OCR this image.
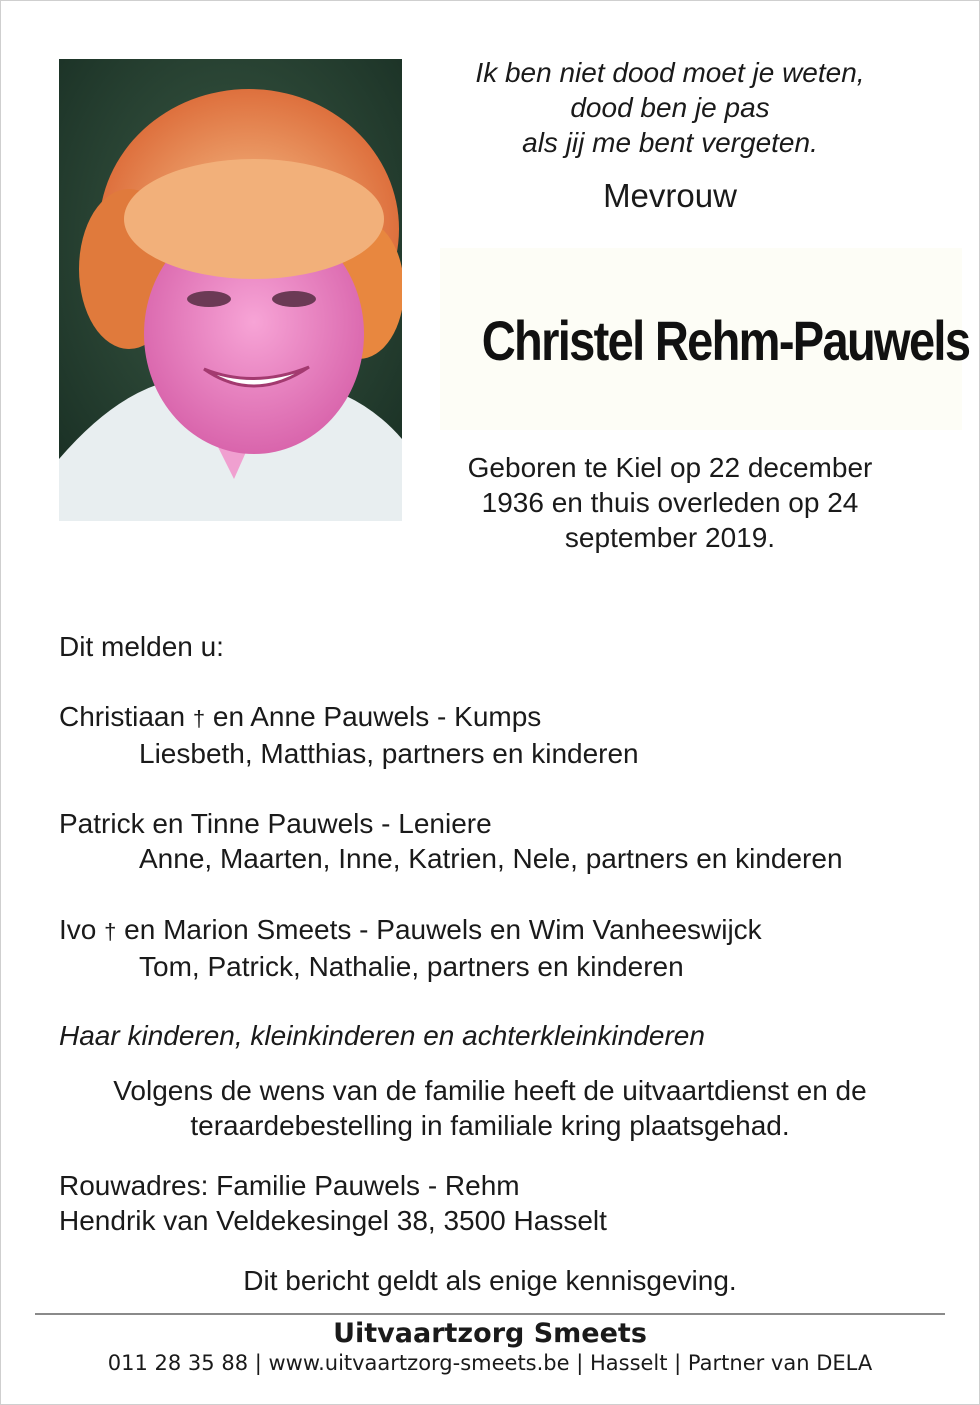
Ik ben niet dood moet je weten,
dood ben je pas
als jij me bent vergeten.
Mevrouw
Christel Rehm-Pauwels
Geboren te Kiel op 22 december
1936 en thuis overleden op 24
september 2019.
Dit melden u:
Christiaan † en Anne Pauwels - Kumps
Liesbeth, Matthias, partners en kinderen
Patrick en Tinne Pauwels - Leniere
Anne, Maarten, Inne, Katrien, Nele, partners en kinderen
Ivo † en Marion Smeets - Pauwels en Wim Vanheeswijck
Tom, Patrick, Nathalie, partners en kinderen
Haar kinderen, kleinkinderen en achterkleinkinderen
Volgens de wens van de familie heeft de uitvaartdienst en de
teraardebestelling in familiale kring plaatsgehad.
Rouwadres: Familie Pauwels - Rehm
Hendrik van Veldekesingel 38, 3500 Hasselt
Dit bericht geldt als enige kennisgeving.
Uitvaartzorg Smeets
011 28 35 88 | www.uitvaartzorg-smeets.be | Hasselt | Partner van DELA
